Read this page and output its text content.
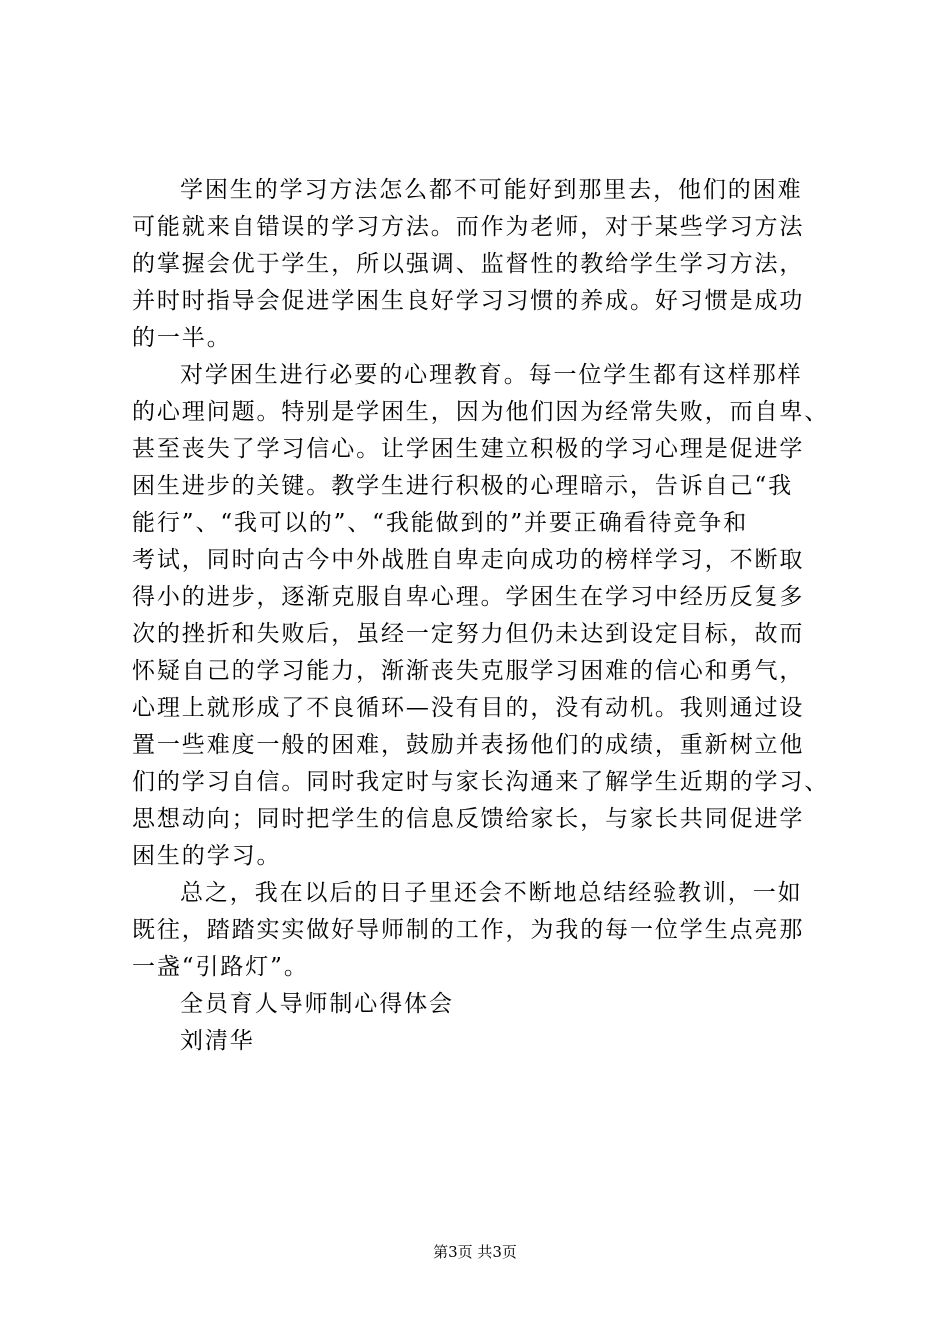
学困生的学习方法怎么都不可能好到那里去，他们的困难
可能就来自错误的学习方法。而作为老师，对于某些学习方法
的掌握会优于学生，所以强调、监督性的教给学生学习方法，
并时时指导会促进学困生良好学习习惯的养成。好习惯是成功
的一半。
对学困生进行必要的心理教育。每一位学生都有这样那样
的心理问题。特别是学困生，因为他们因为经常失败，而自卑、
甚至丧失了学习信心。让学困生建立积极的学习心理是促进学
困生进步的关键。教学生进行积极的心理暗示，告诉自己“我
能行”、“我可以的”、“我能做到的”并要正确看待竞争和
考试，同时向古今中外战胜自卑走向成功的榜样学习，不断取
得小的进步，逐渐克服自卑心理。学困生在学习中经历反复多
次的挫折和失败后，虽经一定努力但仍未达到设定目标，故而
怀疑自己的学习能力，渐渐丧失克服学习困难的信心和勇气，
心理上就形成了不良循环—没有目的，没有动机。我则通过设
置一些难度一般的困难，鼓励并表扬他们的成绩，重新树立他
们的学习自信。同时我定时与家长沟通来了解学生近期的学习、
思想动向；同时把学生的信息反馈给家长，与家长共同促进学
困生的学习。
总之，我在以后的日子里还会不断地总结经验教训，一如
既往，踏踏实实做好导师制的工作，为我的每一位学生点亮那
一盏“引路灯”。
全员育人导师制心得体会
刘清华
第3页 共3页
